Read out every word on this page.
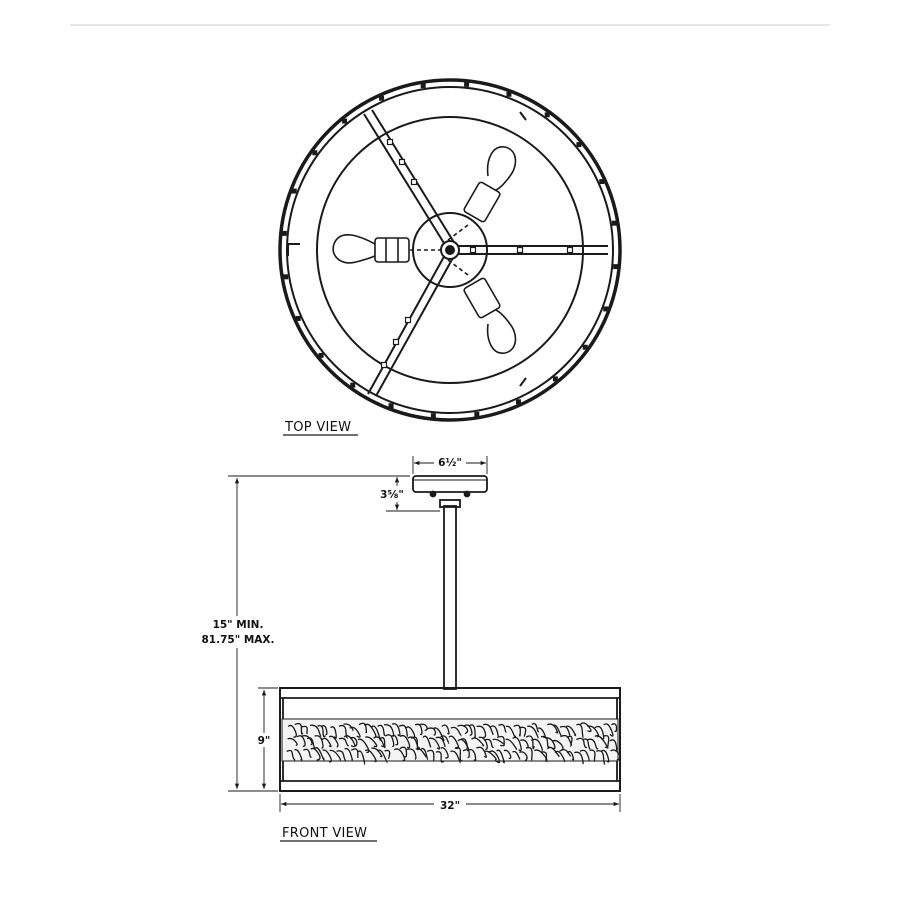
TOP VIEW
6½"
3⅝"
15" MIN.
81.75" MAX.
9"
32"
FRONT VIEW
